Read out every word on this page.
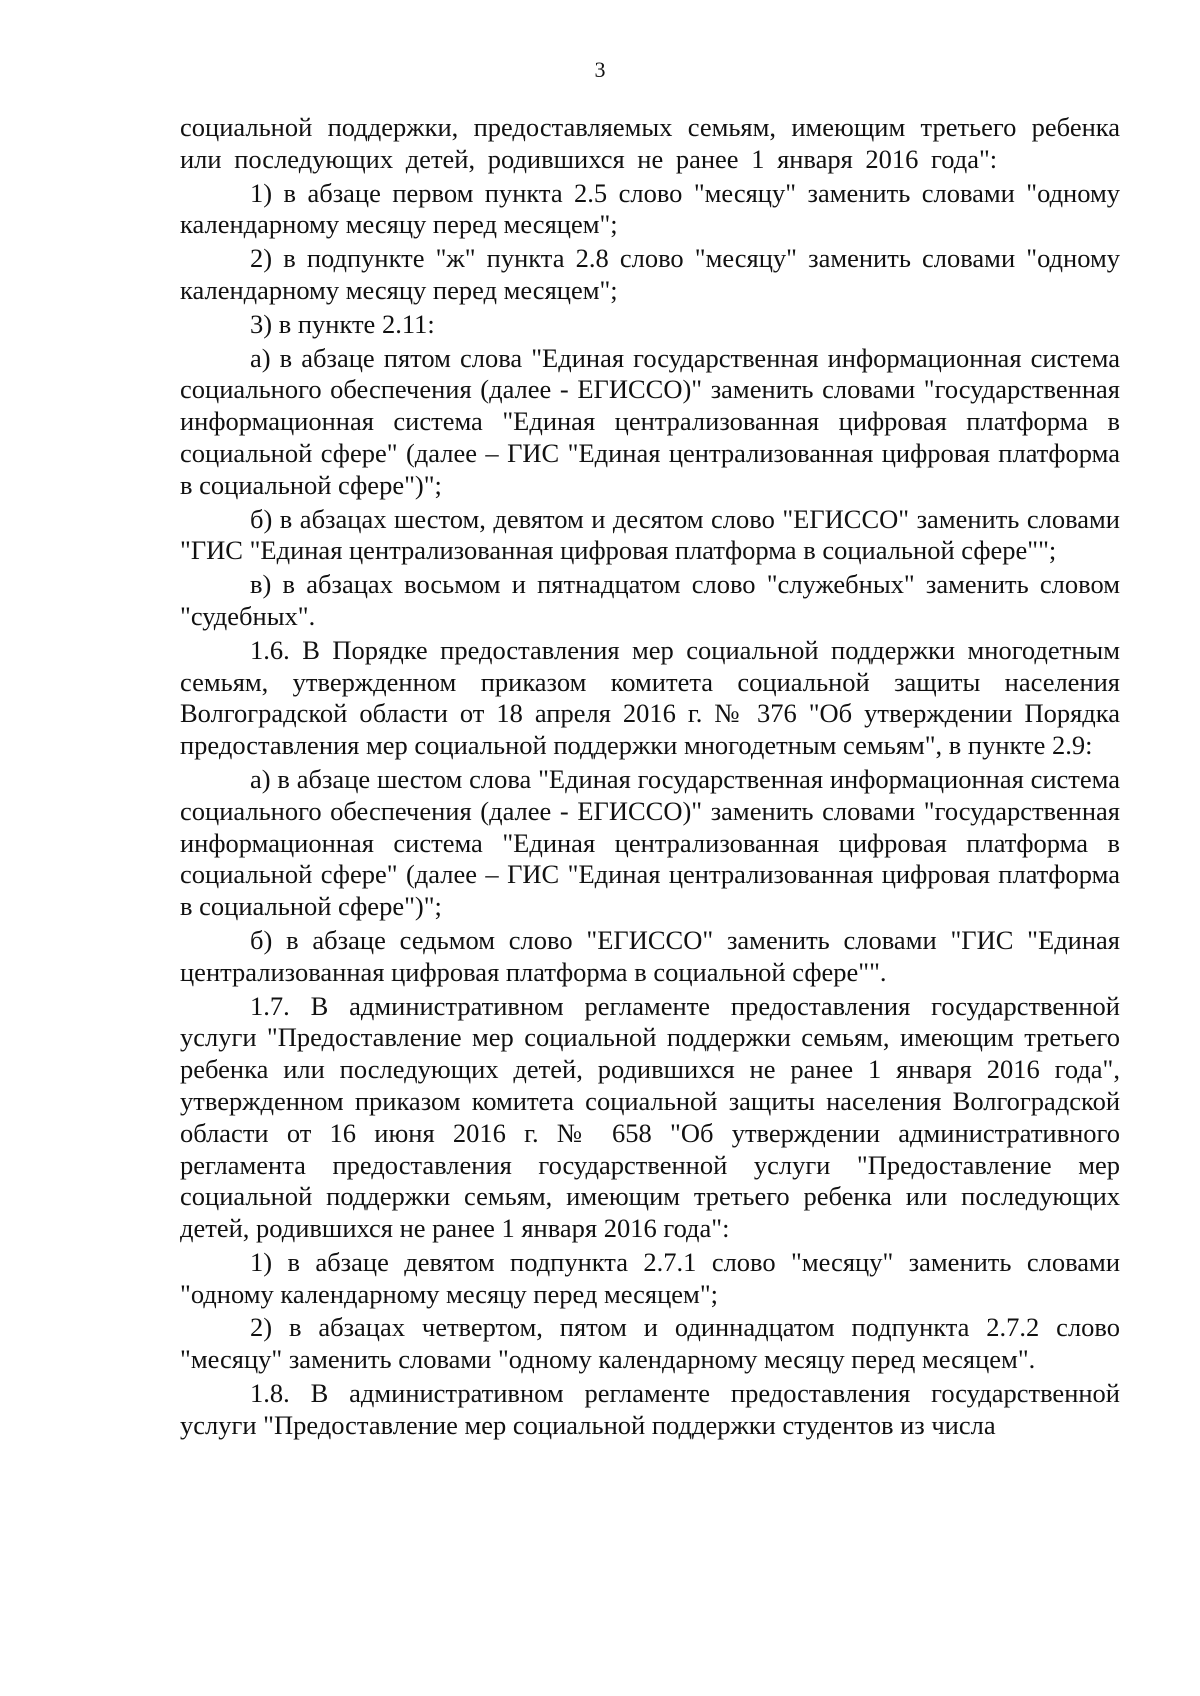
3

социальной поддержки, предоставляемых семьям, имеющим третьего ребенка или последующих детей, родившихся не ранее 1 января 2016 года":

1) в абзаце первом пункта 2.5 слово "месяцу" заменить словами "одному календарному месяцу перед месяцем";

2) в подпункте "ж" пункта 2.8 слово "месяцу" заменить словами "одному календарному месяцу перед месяцем";

3) в пункте 2.11:

а) в абзаце пятом слова "Единая государственная информационная система социального обеспечения (далее - ЕГИССО)" заменить словами "государственная информационная система "Единая централизованная цифровая платформа в социальной сфере" (далее – ГИС "Единая централизованная цифровая платформа в социальной сфере")";

б) в абзацах шестом, девятом и десятом слово "ЕГИССО" заменить словами "ГИС "Единая централизованная цифровая платформа в социальной сфере"";

в) в абзацах восьмом и пятнадцатом слово "служебных" заменить словом "судебных".

1.6. В Порядке предоставления мер социальной поддержки многодетным семьям, утвержденном приказом комитета социальной защиты населения Волгоградской области от 18 апреля 2016 г. № 376 "Об утверждении Порядка предоставления мер социальной поддержки многодетным семьям", в пункте 2.9:

а) в абзаце шестом слова "Единая государственная информационная система социального обеспечения (далее - ЕГИССО)" заменить словами "государственная информационная система "Единая централизованная цифровая платформа в социальной сфере" (далее – ГИС "Единая централизованная цифровая платформа в социальной сфере")";

б) в абзаце седьмом слово "ЕГИССО" заменить словами "ГИС "Единая централизованная цифровая платформа в социальной сфере"".

1.7. В административном регламенте предоставления государственной услуги "Предоставление мер социальной поддержки семьям, имеющим третьего ребенка или последующих детей, родившихся не ранее 1 января 2016 года", утвержденном приказом комитета социальной защиты населения Волгоградской области от 16 июня 2016 г. № 658 "Об утверждении административного регламента предоставления государственной услуги "Предоставление мер социальной поддержки семьям, имеющим третьего ребенка или последующих детей, родившихся не ранее 1 января 2016 года":

1) в абзаце девятом подпункта 2.7.1 слово "месяцу" заменить словами "одному календарному месяцу перед месяцем";

2) в абзацах четвертом, пятом и одиннадцатом подпункта 2.7.2 слово "месяцу" заменить словами "одному календарному месяцу перед месяцем".

1.8. В административном регламенте предоставления государственной услуги "Предоставление мер социальной поддержки студентов из числа
